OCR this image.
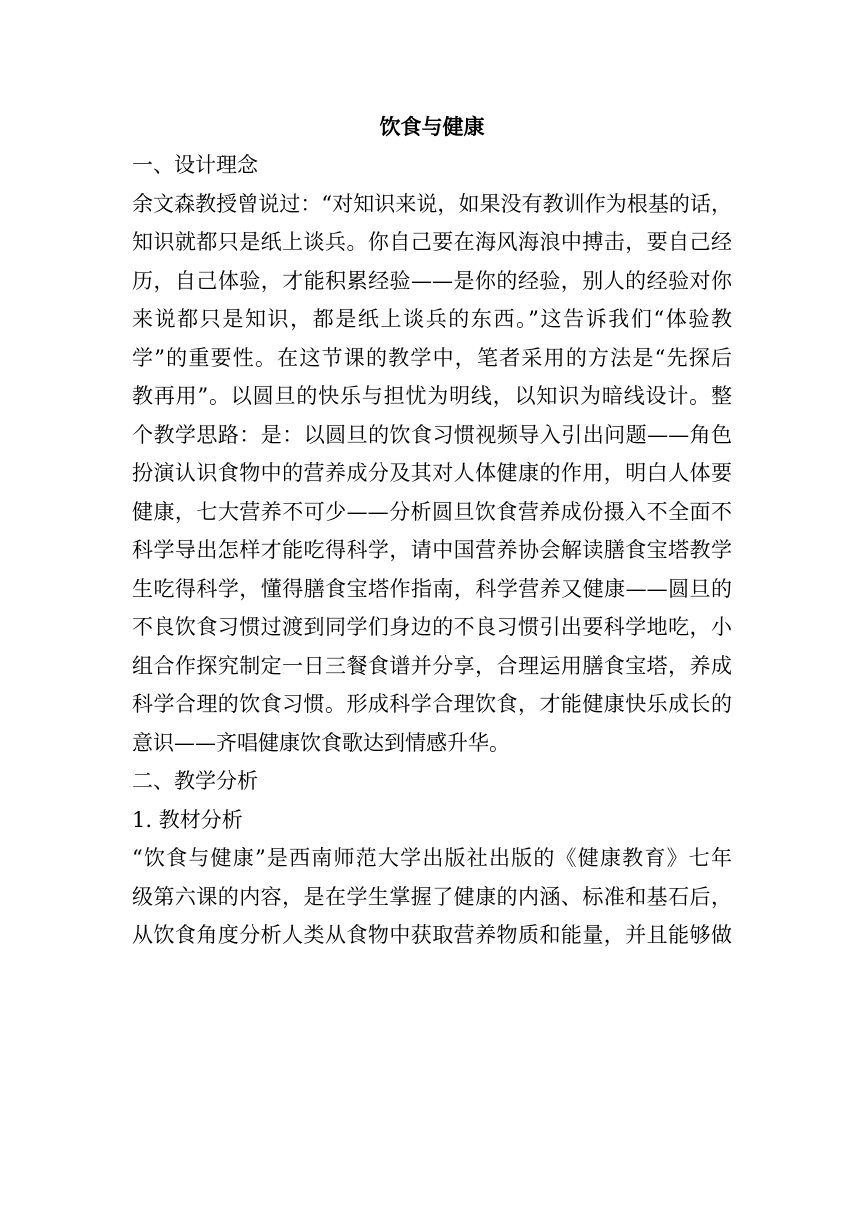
饮食与健康
一、设计理念
余文森教授曾说过：“对知识来说，如果没有教训作为根基的话，
知识就都只是纸上谈兵。你自己要在海风海浪中搏击，要自己经
历，自己体验，才能积累经验——是你的经验，别人的经验对你
来说都只是知识，都是纸上谈兵的东西。”这告诉我们“体验教
学”的重要性。在这节课的教学中，笔者采用的方法是“先探后
教再用”。以圆旦的快乐与担忧为明线，以知识为暗线设计。整
个教学思路：是：以圆旦的饮食习惯视频导入引出问题——角色
扮演认识食物中的营养成分及其对人体健康的作用，明白人体要
健康，七大营养不可少——分析圆旦饮食营养成份摄入不全面不
科学导出怎样才能吃得科学，请中国营养协会解读膳食宝塔教学
生吃得科学，懂得膳食宝塔作指南，科学营养又健康——圆旦的
不良饮食习惯过渡到同学们身边的不良习惯引出要科学地吃，小
组合作探究制定一日三餐食谱并分享，合理运用膳食宝塔，养成
科学合理的饮食习惯。形成科学合理饮食，才能健康快乐成长的
意识——齐唱健康饮食歌达到情感升华。
二、教学分析
1. 教材分析
“饮食与健康”是西南师范大学出版社出版的《健康教育》七年
级第六课的内容，是在学生掌握了健康的内涵、标准和基石后，
从饮食角度分析人类从食物中获取营养物质和能量，并且能够做
